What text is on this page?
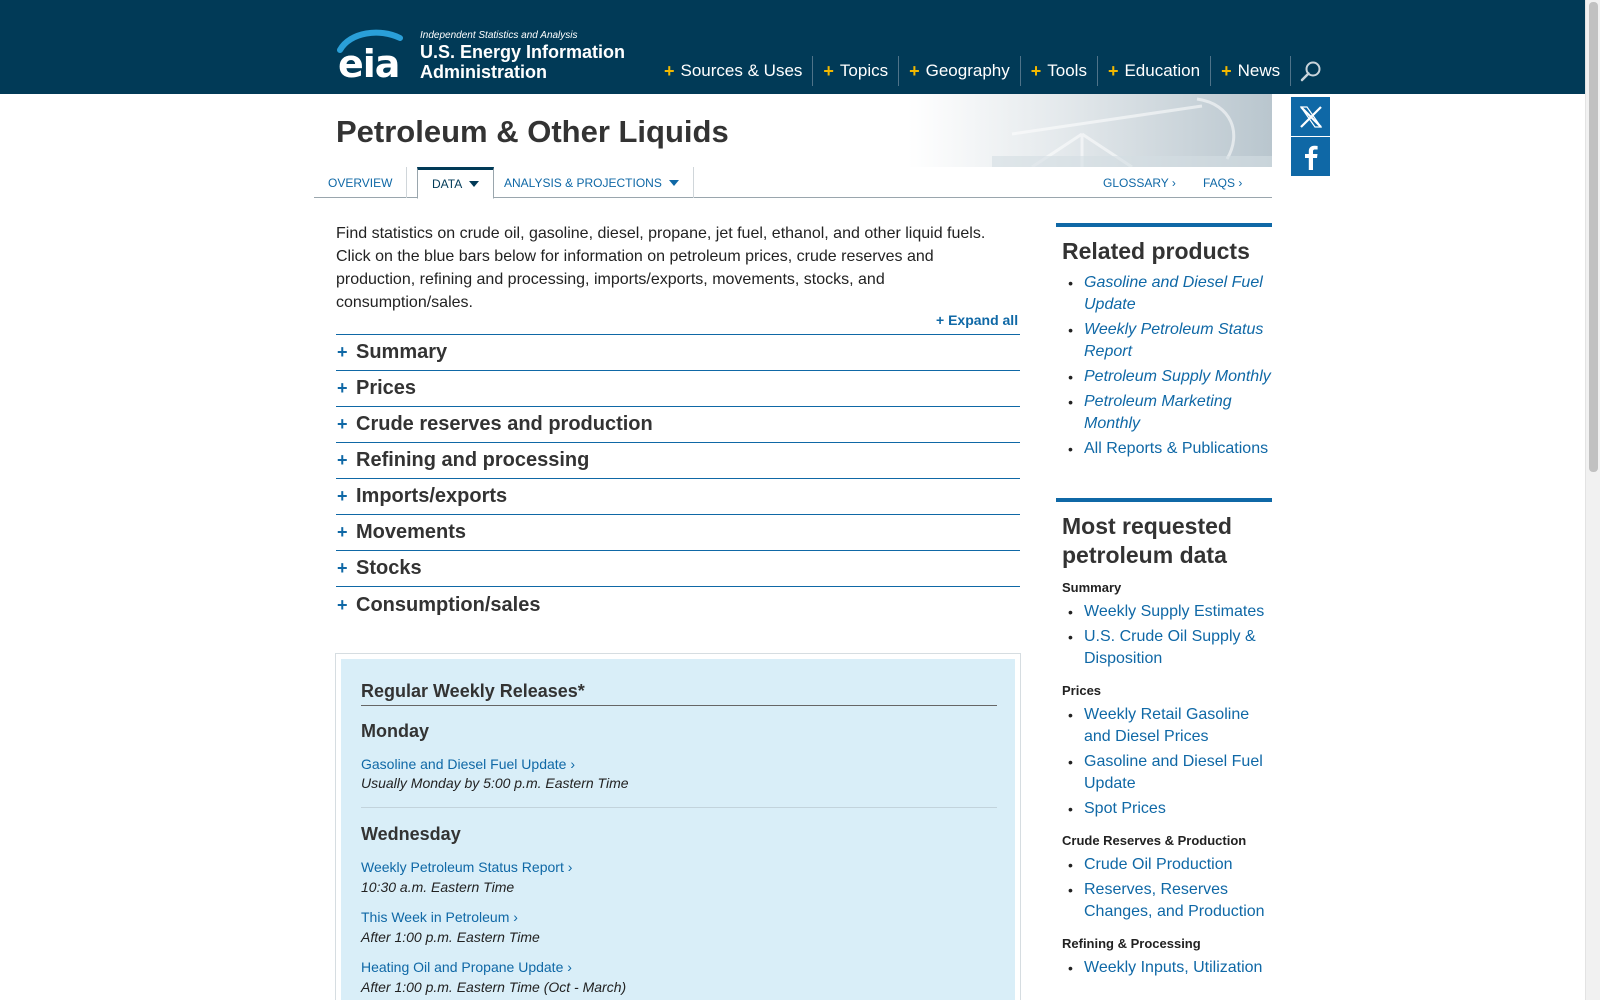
eia
Independent Statistics and Analysis
U.S. Energy Information Administration	+ Sources & Uses + Topics + Geography + Tools + Education + News
Petroleum & Other Liquids
OVERVIEW	DATA	ANALYSIS & PROJECTIONS	GLOSSARY › FAQS ›

Find statistics on crude oil, gasoline, diesel, propane, jet fuel, ethanol, and other liquid fuels. Click on the blue bars below for information on petroleum prices, crude reserves and production, refining and processing, imports/exports, movements, stocks, and consumption/sales.

+ Expand all
+ Summary
+ Prices
+ Crude reserves and production
+ Refining and processing
+ Imports/exports
+ Movements
+ Stocks
+ Consumption/sales
Regular Weekly Releases*
Monday
Gasoline and Diesel Fuel Update ›
Usually Monday by 5:00 p.m. Eastern Time
Wednesday
Weekly Petroleum Status Report ›
10:30 a.m. Eastern Time
This Week in Petroleum ›
After 1:00 p.m. Eastern Time
Heating Oil and Propane Update ›
After 1:00 p.m. Eastern Time (Oct - March)
Related products
• Gasoline and Diesel Fuel Update
• Weekly Petroleum Status Report
• Petroleum Supply Monthly
• Petroleum Marketing Monthly
• All Reports & Publications
Most requested petroleum data
Summary
• Weekly Supply Estimates
• U.S. Crude Oil Supply & Disposition
Prices
• Weekly Retail Gasoline and Diesel Prices
• Gasoline and Diesel Fuel Update
• Spot Prices
Crude Reserves & Production
• Crude Oil Production
• Reserves, Reserves Changes, and Production
Refining & Processing
• Weekly Inputs, Utilization
